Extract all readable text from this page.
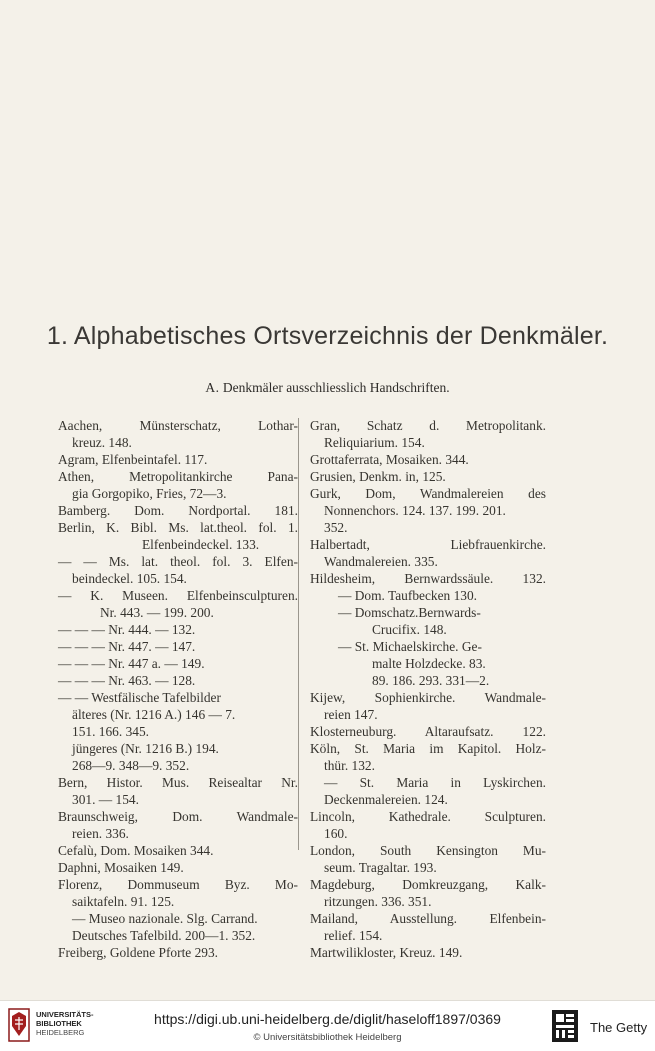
1. Alphabetisches Ortsverzeichnis der Denkmäler.
A. Denkmäler ausschliesslich Handschriften.
Aachen, Münsterschatz, Lothar-
kreuz. 148.
Agram, Elfenbeintafel. 117.
Athen, Metropolitankirche Pana-
gia Gorgopiko, Fries, 72—3.
Bamberg. Dom. Nordportal. 181.
Berlin, K. Bibl. Ms. lat.theol. fol. 1.
Elfenbeindeckel. 133.
— — Ms. lat. theol. fol. 3. Elfen-
beindeckel. 105. 154.
— K. Museen. Elfenbeinsculpturen.
Nr. 443. — 199. 200.
— — — Nr. 444. — 132.
— — — Nr. 447. — 147.
— — — Nr. 447 a. — 149.
— — — Nr. 463. — 128.
— — Westfälische Tafelbilder
älteres (Nr. 1216 A.) 146 — 7.
151. 166. 345.
jüngeres (Nr. 1216 B.) 194.
268—9. 348—9. 352.
Bern, Histor. Mus. Reisealtar Nr.
301. — 154.
Braunschweig, Dom. Wandmale-
reien. 336.
Cefalù, Dom. Mosaiken 344.
Daphni, Mosaiken 149.
Florenz, Dommuseum Byz. Mo-
saiktafeln. 91. 125.
— Museo nazionale. Slg. Carrand.
Deutsches Tafelbild. 200—1. 352.
Freiberg, Goldene Pforte 293.
Gran, Schatz d. Metropolitank.
Reliquiarium. 154.
Grottaferrata, Mosaiken. 344.
Grusien, Denkm. in, 125.
Gurk, Dom, Wandmalereien des
Nonnenchors. 124. 137. 199. 201.
352.
Halbertadt, Liebfrauenkirche.
Wandmalereien. 335.
Hildesheim, Bernwardssäule. 132.
— Dom. Taufbecken 130.
— Domschatz.Bernwards-
Crucifix. 148.
— St. Michaelskirche. Ge-
malte Holzdecke. 83.
89. 186. 293. 331—2.
Kijew, Sophienkirche. Wandmale-
reien 147.
Klosterneuburg. Altaraufsatz. 122.
Köln, St. Maria im Kapitol. Holz-
thür. 132.
— St. Maria in Lyskirchen.
Deckenmalereien. 124.
Lincoln, Kathedrale. Sculpturen.
160.
London, South Kensington Mu-
seum. Tragaltar. 193.
Magdeburg, Domkreuzgang, Kalk-
ritzungen. 336. 351.
Mailand, Ausstellung. Elfenbein-
relief. 154.
Martwilikloster, Kreuz. 149.
UNIVERSITÄTS-
BIBLIOTHEK
HEIDELBERG
https://digi.ub.uni-heidelberg.de/diglit/haseloff1897/0369
© Universitätsbibliothek Heidelberg
The Getty
